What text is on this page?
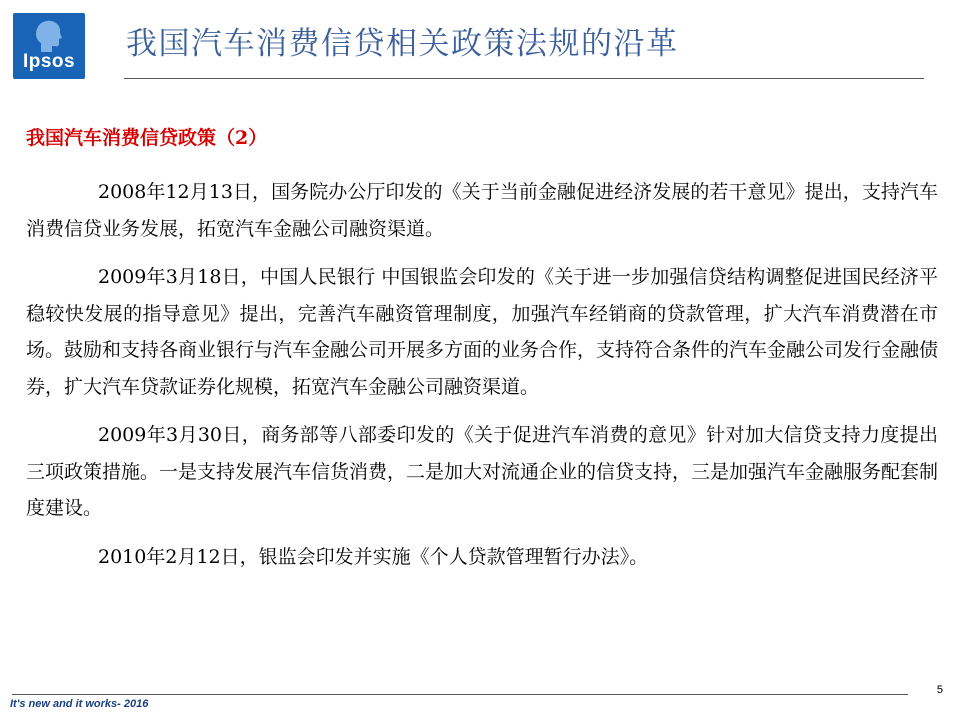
Ipsos	我国汽车消费信贷相关政策法规的沿革
我国汽车消费信贷政策（2）

2008年12月13日，国务院办公厅印发的《关于当前金融促进经济发展的若干意见》提出，支持汽车消费信贷业务发展，拓宽汽车金融公司融资渠道。

2009年3月18日，中国人民银行 中国银监会印发的《关于进一步加强信贷结构调整促进国民经济平稳较快发展的指导意见》提出，完善汽车融资管理制度，加强汽车经销商的贷款管理，扩大汽车消费潜在市场。鼓励和支持各商业银行与汽车金融公司开展多方面的业务合作，支持符合条件的汽车金融公司发行金融债券，扩大汽车贷款证券化规模，拓宽汽车金融公司融资渠道。

2009年3月30日，商务部等八部委印发的《关于促进汽车消费的意见》针对加大信贷支持力度提出三项政策措施。一是支持发展汽车信货消费，二是加大对流通企业的信贷支持，三是加强汽车金融服务配套制度建设。

2010年2月12日，银监会印发并实施《个人贷款管理暂行办法》。

It's new and it works- 2016
5
